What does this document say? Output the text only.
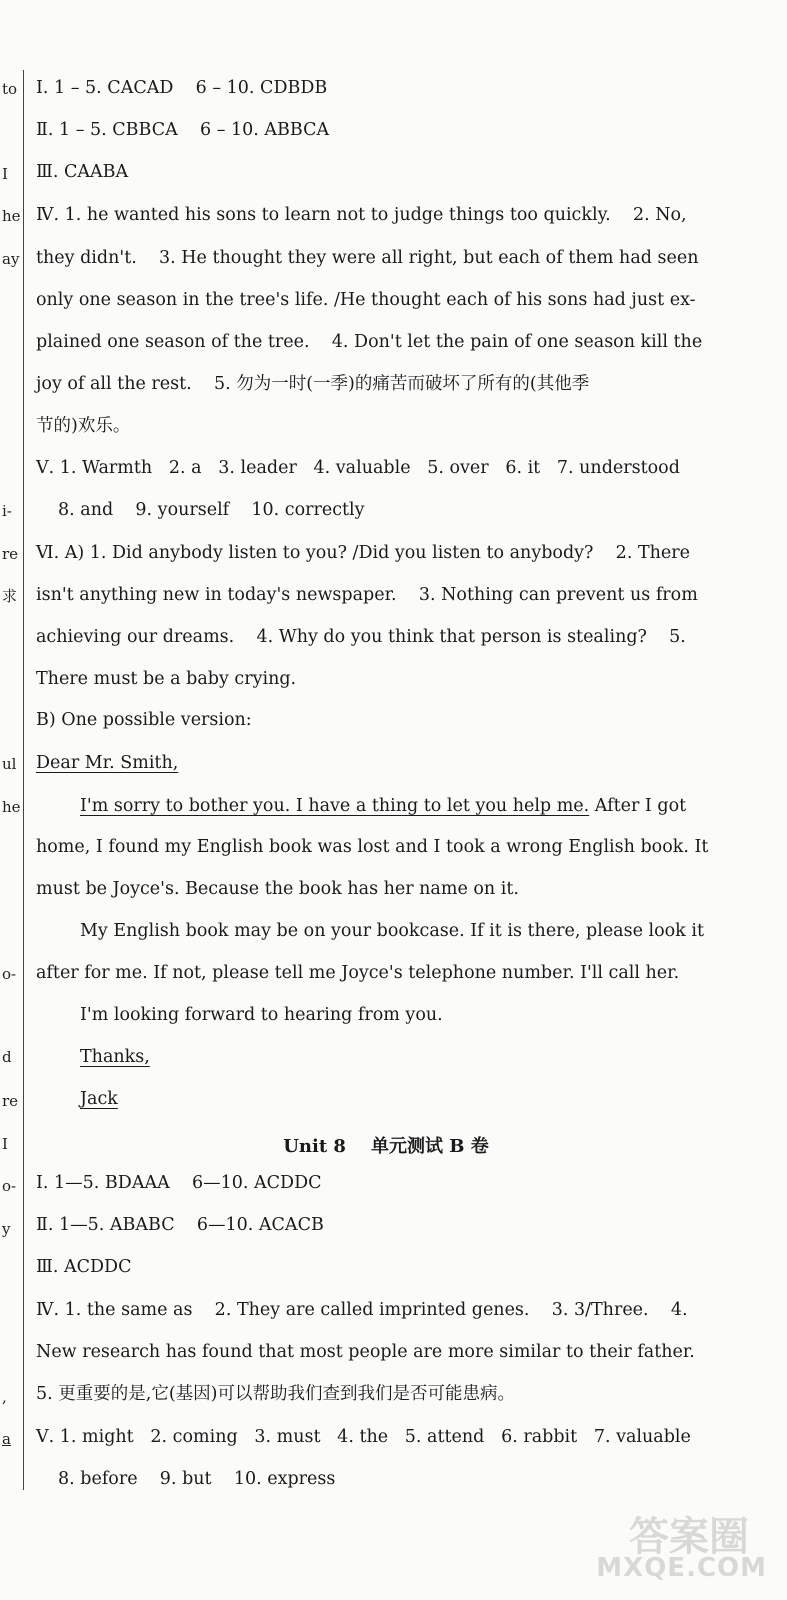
to
I
he
ay
i-
re
求
ul
he
o-
d
re
I
o-
y
,
a
Ⅰ. 1 – 5. CACAD    6 – 10. CDBDB
Ⅱ. 1 – 5. CBBCA    6 – 10. ABBCA
Ⅲ. CAABA
Ⅳ. 1. he wanted his sons to learn not to judge things too quickly.    2. No,
they didn't.    3. He thought they were all right, but each of them had seen
only one season in the tree's life. /He thought each of his sons had just ex-
plained one season of the tree.    4. Don't let the pain of one season kill the
joy of all the rest.    5. 勿为一时(一季)的痛苦而破坏了所有的(其他季
节的)欢乐。
Ⅴ. 1. Warmth   2. a   3. leader   4. valuable   5. over   6. it   7. understood
8. and    9. yourself    10. correctly
Ⅵ. A) 1. Did anybody listen to you? /Did you listen to anybody?    2. There
isn't anything new in today's newspaper.    3. Nothing can prevent us from
achieving our dreams.    4. Why do you think that person is stealing?    5.
There must be a baby crying.
B) One possible version:
Dear Mr. Smith,
I'm sorry to bother you. I have a thing to let you help me. After I got
home, I found my English book was lost and I took a wrong English book. It
must be Joyce's. Because the book has her name on it.
My English book may be on your bookcase. If it is there, please look it
after for me. If not, please tell me Joyce's telephone number. I'll call her.
I'm looking forward to hearing from you.
Thanks,
Jack
Unit 8    单元测试 B 卷
Ⅰ. 1—5. BDAAA    6—10. ACDDC
Ⅱ. 1—5. ABABC    6—10. ACACB
Ⅲ. ACDDC
Ⅳ. 1. the same as    2. They are called imprinted genes.    3. 3/Three.    4.
New research has found that most people are more similar to their father.
5. 更重要的是,它(基因)可以帮助我们查到我们是否可能患病。
Ⅴ. 1. might   2. coming   3. must   4. the   5. attend   6. rabbit   7. valuable
8. before    9. but    10. express
答案圈
MXQE.COM
